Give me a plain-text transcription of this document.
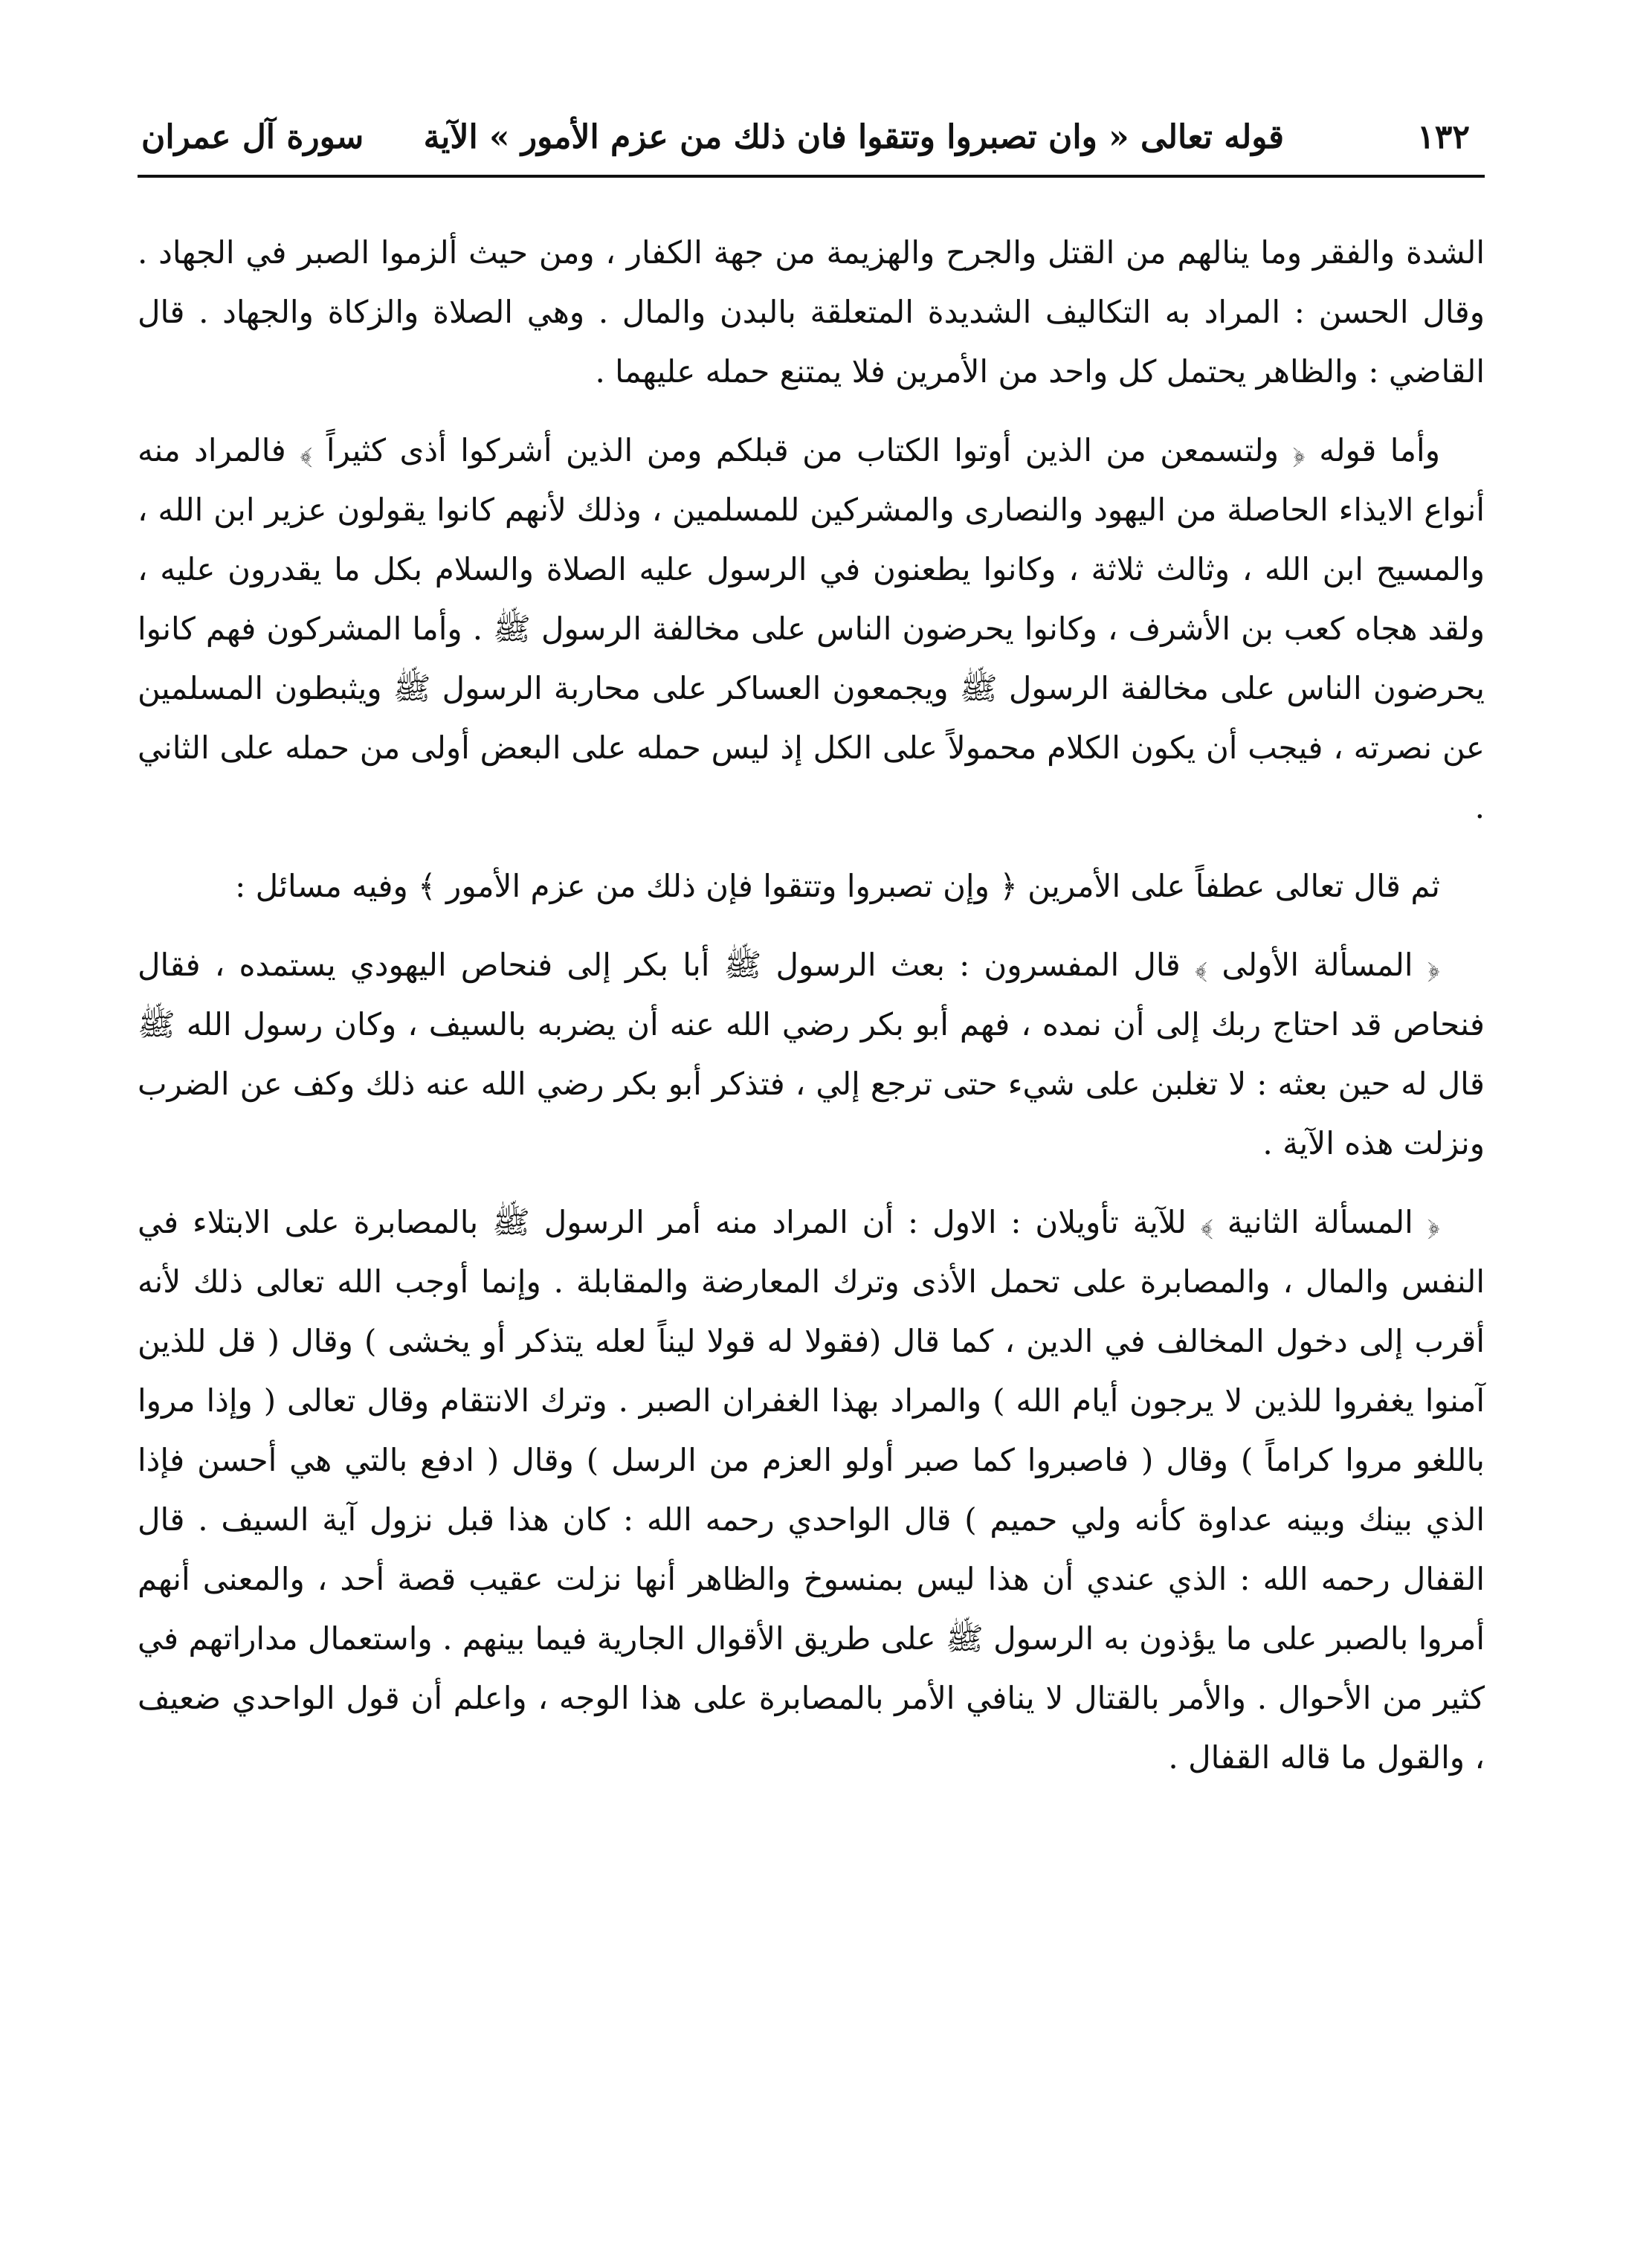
١٣٢
قوله تعالى « وان تصبروا وتتقوا فان ذلك من عزم الأمور » الآية
سورة آل عمران

الشدة والفقر وما ينالهم من القتل والجرح والهزيمة من جهة الكفار ، ومن حيث ألزموا الصبر في الجهاد . وقال الحسن : المراد به التكاليف الشديدة المتعلقة بالبدن والمال . وهي الصلاة والزكاة والجهاد . قال القاضي : والظاهر يحتمل كل واحد من الأمرين فلا يمتنع حمله عليهما .

وأما قوله ﴿ ولتسمعن من الذين أوتوا الكتاب من قبلكم ومن الذين أشركوا أذى كثيراً ﴾ فالمراد منه أنواع الايذاء الحاصلة من اليهود والنصارى والمشركين للمسلمين ، وذلك لأنهم كانوا يقولون عزير ابن الله ، والمسيح ابن الله ، وثالث ثلاثة ، وكانوا يطعنون في الرسول عليه الصلاة والسلام بكل ما يقدرون عليه ، ولقد هجاه كعب بن الأشرف ، وكانوا يحرضون الناس على مخالفة الرسول ﷺ . وأما المشركون فهم كانوا يحرضون الناس على مخالفة الرسول ﷺ ويجمعون العساكر على محاربة الرسول ﷺ ويثبطون المسلمين عن نصرته ، فيجب أن يكون الكلام محمولاً على الكل إذ ليس حمله على البعض أولى من حمله على الثاني .

ثم قال تعالى عطفاً على الأمرين ﴿ وإن تصبروا وتتقوا فإن ذلك من عزم الأمور ﴾ وفيه مسائل :

﴿ المسألة الأولى ﴾ قال المفسرون : بعث الرسول ﷺ أبا بكر إلى فنحاص اليهودي يستمده ، فقال فنحاص قد احتاج ربك إلى أن نمده ، فهم أبو بكر رضي الله عنه أن يضربه بالسيف ، وكان رسول الله ﷺ قال له حين بعثه : لا تغلبن على شيء حتى ترجع إلي ، فتذكر أبو بكر رضي الله عنه ذلك وكف عن الضرب ونزلت هذه الآية .

﴿ المسألة الثانية ﴾ للآية تأويلان : الاول : أن المراد منه أمر الرسول ﷺ بالمصابرة على الابتلاء في النفس والمال ، والمصابرة على تحمل الأذى وترك المعارضة والمقابلة . وإنما أوجب الله تعالى ذلك لأنه أقرب إلى دخول المخالف في الدين ، كما قال (فقولا له قولا ليناً لعله يتذكر أو يخشى ) وقال ( قل للذين آمنوا يغفروا للذين لا يرجون أيام الله ) والمراد بهذا الغفران الصبر . وترك الانتقام وقال تعالى ( وإذا مروا باللغو مروا كراماً ) وقال ( فاصبروا كما صبر أولو العزم من الرسل ) وقال ( ادفع بالتي هي أحسن فإذا الذي بينك وبينه عداوة كأنه ولي حميم ) قال الواحدي رحمه الله : كان هذا قبل نزول آية السيف . قال القفال رحمه الله : الذي عندي أن هذا ليس بمنسوخ والظاهر أنها نزلت عقيب قصة أحد ، والمعنى أنهم أمروا بالصبر على ما يؤذون به الرسول ﷺ على طريق الأقوال الجارية فيما بينهم . واستعمال مداراتهم في كثير من الأحوال . والأمر بالقتال لا ينافي الأمر بالمصابرة على هذا الوجه ، واعلم أن قول الواحدي ضعيف ، والقول ما قاله القفال .
